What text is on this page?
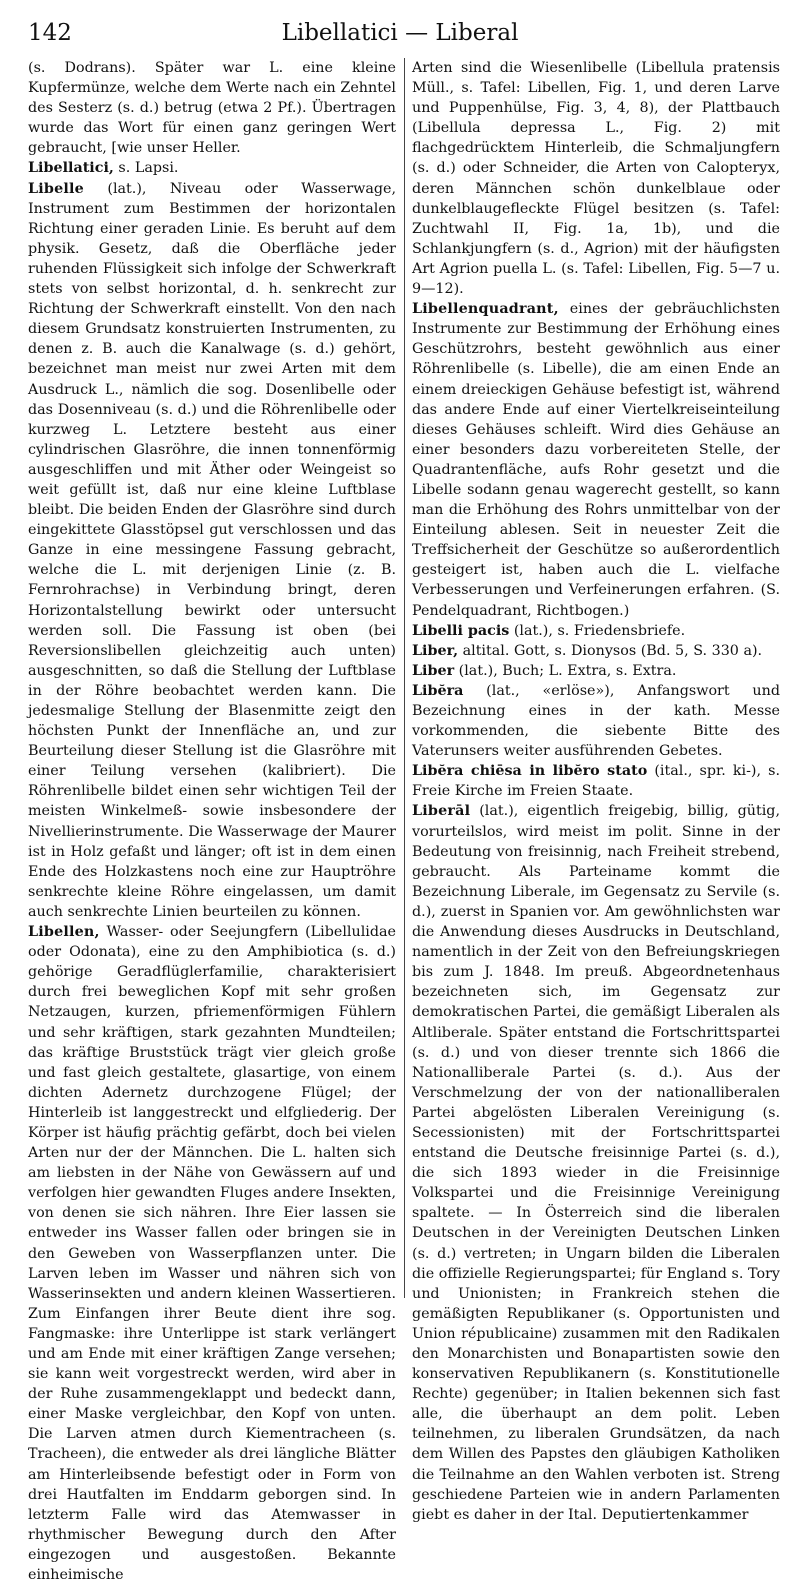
142	Libellatici — Liberal

(s. Dodrans). Später war L. eine kleine Kupfermünze, welche dem Werte nach ein Zehntel des Sesterz (s. d.) betrug (etwa 2 Pf.). Übertragen wurde das Wort für einen ganz geringen Wert gebraucht, [wie unser Heller.

Libellatici, s. Lapsi.

Libelle (lat.), Niveau oder Wasserwage, Instrument zum Bestimmen der horizontalen Richtung einer geraden Linie. Es beruht auf dem physik. Gesetz, daß die Oberfläche jeder ruhenden Flüssigkeit sich infolge der Schwerkraft stets von selbst horizontal, d. h. senkrecht zur Richtung der Schwerkraft einstellt. Von den nach diesem Grundsatz konstruierten Instrumenten, zu denen z. B. auch die Kanalwage (s. d.) gehört, bezeichnet man meist nur zwei Arten mit dem Ausdruck L., nämlich die sog. Dosenlibelle oder das Dosenniveau (s. d.) und die Röhrenlibelle oder kurzweg L. Letztere besteht aus einer cylindrischen Glasröhre, die innen tonnenförmig ausgeschliffen und mit Äther oder Weingeist so weit gefüllt ist, daß nur eine kleine Luftblase bleibt. Die beiden Enden der Glasröhre sind durch eingekittete Glasstöpsel gut verschlossen und das Ganze in eine messingene Fassung gebracht, welche die L. mit derjenigen Linie (z. B. Fernrohrachse) in Verbindung bringt, deren Horizontalstellung bewirkt oder untersucht werden soll. Die Fassung ist oben (bei Reversionslibellen gleichzeitig auch unten) ausgeschnitten, so daß die Stellung der Luftblase in der Röhre beobachtet werden kann. Die jedesmalige Stellung der Blasenmitte zeigt den höchsten Punkt der Innenfläche an, und zur Beurteilung dieser Stellung ist die Glasröhre mit einer Teilung versehen (kalibriert). Die Röhrenlibelle bildet einen sehr wichtigen Teil der meisten Winkelmeß- sowie insbesondere der Nivellierinstrumente. Die Wasserwage der Maurer ist in Holz gefaßt und länger; oft ist in dem einen Ende des Holzkastens noch eine zur Hauptröhre senkrechte kleine Röhre eingelassen, um damit auch senkrechte Linien beurteilen zu können.

Libellen, Wasser- oder Seejungfern (Libellulidae oder Odonata), eine zu den Amphibiotica (s. d.) gehörige Geradflüglerfamilie, charakterisiert durch frei beweglichen Kopf mit sehr großen Netzaugen, kurzen, pfriemenförmigen Fühlern und sehr kräftigen, stark gezahnten Mundteilen; das kräftige Bruststück trägt vier gleich große und fast gleich gestaltete, glasartige, von einem dichten Adernetz durchzogene Flügel; der Hinterleib ist langgestreckt und elfgliederig. Der Körper ist häufig prächtig gefärbt, doch bei vielen Arten nur der der Männchen. Die L. halten sich am liebsten in der Nähe von Gewässern auf und verfolgen hier gewandten Fluges andere Insekten, von denen sie sich nähren. Ihre Eier lassen sie entweder ins Wasser fallen oder bringen sie in den Geweben von Wasserpflanzen unter. Die Larven leben im Wasser und nähren sich von Wasserinsekten und andern kleinen Wassertieren. Zum Einfangen ihrer Beute dient ihre sog. Fangmaske: ihre Unterlippe ist stark verlängert und am Ende mit einer kräftigen Zange versehen; sie kann weit vorgestreckt werden, wird aber in der Ruhe zusammengeklappt und bedeckt dann, einer Maske vergleichbar, den Kopf von unten. Die Larven atmen durch Kiementracheen (s. Tracheen), die entweder als drei längliche Blätter am Hinterleibsende befestigt oder in Form von drei Hautfalten im Enddarm geborgen sind. In letzterm Falle wird das Atemwasser in rhythmischer Bewegung durch den After eingezogen und ausgestoßen. Bekannte einheimische

Arten sind die Wiesenlibelle (Libellula pratensis Müll., s. Tafel: Libellen, Fig. 1, und deren Larve und Puppenhülse, Fig. 3, 4, 8), der Plattbauch (Libellula depressa L., Fig. 2) mit flachgedrücktem Hinterleib, die Schmaljungfern (s. d.) oder Schneider, die Arten von Calopteryx, deren Männchen schön dunkelblaue oder dunkelblaugefleckte Flügel besitzen (s. Tafel: Zuchtwahl II, Fig. 1a, 1b), und die Schlankjungfern (s. d., Agrion) mit der häufigsten Art Agrion puella L. (s. Tafel: Libellen, Fig. 5—7 u. 9—12).

Libellenquadrant, eines der gebräuchlichsten Instrumente zur Bestimmung der Erhöhung eines Geschützrohrs, besteht gewöhnlich aus einer Röhrenlibelle (s. Libelle), die am einen Ende an einem dreieckigen Gehäuse befestigt ist, während das andere Ende auf einer Viertelkreiseinteilung dieses Gehäuses schleift. Wird dies Gehäuse an einer besonders dazu vorbereiteten Stelle, der Quadrantenfläche, aufs Rohr gesetzt und die Libelle sodann genau wagerecht gestellt, so kann man die Erhöhung des Rohrs unmittelbar von der Einteilung ablesen. Seit in neuester Zeit die Treffsicherheit der Geschütze so außerordentlich gesteigert ist, haben auch die L. vielfache Verbesserungen und Verfeinerungen erfahren. (S. Pendelquadrant, Richtbogen.)

Libelli pacis (lat.), s. Friedensbriefe.

Liber, altital. Gott, s. Dionysos (Bd. 5, S. 330 a).

Liber (lat.), Buch; L. Extra, s. Extra.

Libĕra (lat., «erlöse»), Anfangswort und Bezeichnung eines in der kath. Messe vorkommenden, die siebente Bitte des Vaterunsers weiter ausführenden Gebetes.

Libĕra chiēsa in libĕro stato (ital., spr. ki-), s. Freie Kirche im Freien Staate.

Liberāl (lat.), eigentlich freigebig, billig, gütig, vorurteilslos, wird meist im polit. Sinne in der Bedeutung von freisinnig, nach Freiheit strebend, gebraucht. Als Parteiname kommt die Bezeichnung Liberale, im Gegensatz zu Servile (s. d.), zuerst in Spanien vor. Am gewöhnlichsten war die Anwendung dieses Ausdrucks in Deutschland, namentlich in der Zeit von den Befreiungskriegen bis zum J. 1848. Im preuß. Abgeordnetenhaus bezeichneten sich, im Gegensatz zur demokratischen Partei, die gemäßigt Liberalen als Altliberale. Später entstand die Fortschrittspartei (s. d.) und von dieser trennte sich 1866 die Nationalliberale Partei (s. d.). Aus der Verschmelzung der von der nationalliberalen Partei abgelösten Liberalen Vereinigung (s. Secessionisten) mit der Fortschrittspartei entstand die Deutsche freisinnige Partei (s. d.), die sich 1893 wieder in die Freisinnige Volkspartei und die Freisinnige Vereinigung spaltete. — In Österreich sind die liberalen Deutschen in der Vereinigten Deutschen Linken (s. d.) vertreten; in Ungarn bilden die Liberalen die offizielle Regierungspartei; für England s. Tory und Unionisten; in Frankreich stehen die gemäßigten Republikaner (s. Opportunisten und Union républicaine) zusammen mit den Radikalen den Monarchisten und Bonapartisten sowie den konservativen Republikanern (s. Konstitutionelle Rechte) gegenüber; in Italien bekennen sich fast alle, die überhaupt an dem polit. Leben teilnehmen, zu liberalen Grundsätzen, da nach dem Willen des Papstes den gläubigen Katholiken die Teilnahme an den Wahlen verboten ist. Streng geschiedene Parteien wie in andern Parlamenten giebt es daher in der Ital. Deputiertenkammer
